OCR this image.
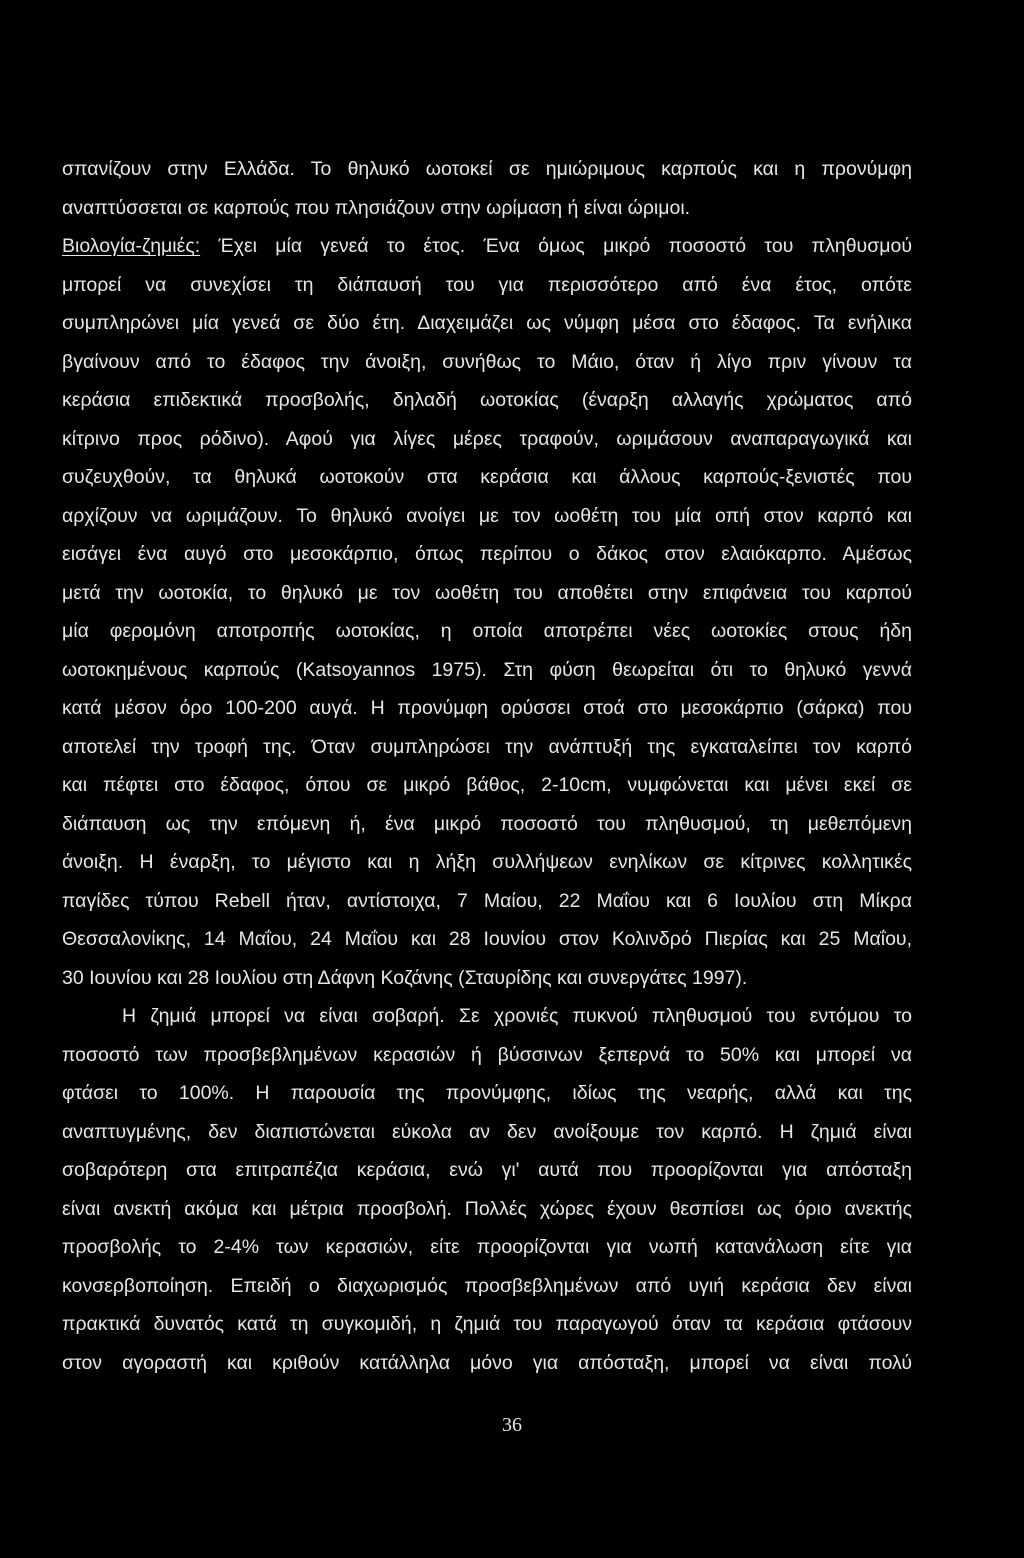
σπανίζουν στην Ελλάδα. Το θηλυκό ωοτοκεί σε ημιώριμους καρπούς και η προνύμφη
αναπτύσσεται σε καρπούς που πλησιάζουν στην ωρίμαση ή είναι ώριμοι.
Βιολογία-ζημιές: Έχει μία γενεά το έτος. Ένα όμως μικρό ποσοστό του πληθυσμού
μπορεί να συνεχίσει τη διάπαυσή του για περισσότερο από ένα έτος, οπότε
συμπληρώνει μία γενεά σε δύο έτη. Διαχειμάζει ως νύμφη μέσα στο έδαφος. Τα ενήλικα
βγαίνουν από το έδαφος την άνοιξη, συνήθως το Μάιο, όταν ή λίγο πριν γίνουν τα
κεράσια επιδεκτικά προσβολής, δηλαδή ωοτοκίας (έναρξη αλλαγής χρώματος από
κίτρινο προς ρόδινο). Αφού για λίγες μέρες τραφούν, ωριμάσουν αναπαραγωγικά και
συζευχθούν, τα θηλυκά ωοτοκούν στα κεράσια και άλλους καρπούς-ξενιστές που
αρχίζουν να ωριμάζουν. Το θηλυκό ανοίγει με τον ωοθέτη του μία οπή στον καρπό και
εισάγει ένα αυγό στο μεσοκάρπιο, όπως περίπου ο δάκος στον ελαιόκαρπο. Αμέσως
μετά την ωοτοκία, το θηλυκό με τον ωοθέτη του αποθέτει στην επιφάνεια του καρπού
μία φερομόνη αποτροπής ωοτοκίας, η οποία αποτρέπει νέες ωοτοκίες στους ήδη
ωοτοκημένους καρπούς (Katsoyannos 1975). Στη φύση θεωρείται ότι το θηλυκό γεννά
κατά μέσον όρο 100-200 αυγά. Η προνύμφη ορύσσει στοά στο μεσοκάρπιο (σάρκα) που
αποτελεί την τροφή της. Όταν συμπληρώσει την ανάπτυξή της εγκαταλείπει τον καρπό
και πέφτει στο έδαφος, όπου σε μικρό βάθος, 2-10cm, νυμφώνεται και μένει εκεί σε
διάπαυση ως την επόμενη ή, ένα μικρό ποσοστό του πληθυσμού, τη μεθεπόμενη
άνοιξη. Η έναρξη, το μέγιστο και η λήξη συλλήψεων ενηλίκων σε κίτρινες κολλητικές
παγίδες τύπου Rebell ήταν, αντίστοιχα, 7 Μαίου, 22 Μαΐου και 6 Ιουλίου στη Μίκρα
Θεσσαλονίκης, 14 Μαΐου, 24 Μαΐου και 28 Ιουνίου στον Κολινδρό Πιερίας και 25 Μαΐου,
30 Ιουνίου και 28 Ιουλίου στη Δάφνη Κοζάνης (Σταυρίδης και συνεργάτες 1997).
Η ζημιά μπορεί να είναι σοβαρή. Σε χρονιές πυκνού πληθυσμού του εντόμου το
ποσοστό των προσβεβλημένων κερασιών ή βύσσινων ξεπερνά το 50% και μπορεί να
φτάσει το 100%. Η παρουσία της προνύμφης, ιδίως της νεαρής, αλλά και της
αναπτυγμένης, δεν διαπιστώνεται εύκολα αν δεν ανοίξουμε τον καρπό. Η ζημιά είναι
σοβαρότερη στα επιτραπέζια κεράσια, ενώ γι' αυτά που προορίζονται για απόσταξη
είναι ανεκτή ακόμα και μέτρια προσβολή. Πολλές χώρες έχουν θεσπίσει ως όριο ανεκτής
προσβολής το 2-4% των κερασιών, είτε προορίζονται για νωπή κατανάλωση είτε για
κονσερβοποίηση. Επειδή ο διαχωρισμός προσβεβλημένων από υγιή κεράσια δεν είναι
πρακτικά δυνατός κατά τη συγκομιδή, η ζημιά του παραγωγού όταν τα κεράσια φτάσουν
στον αγοραστή και κριθούν κατάλληλα μόνο για απόσταξη, μπορεί να είναι πολύ
36
